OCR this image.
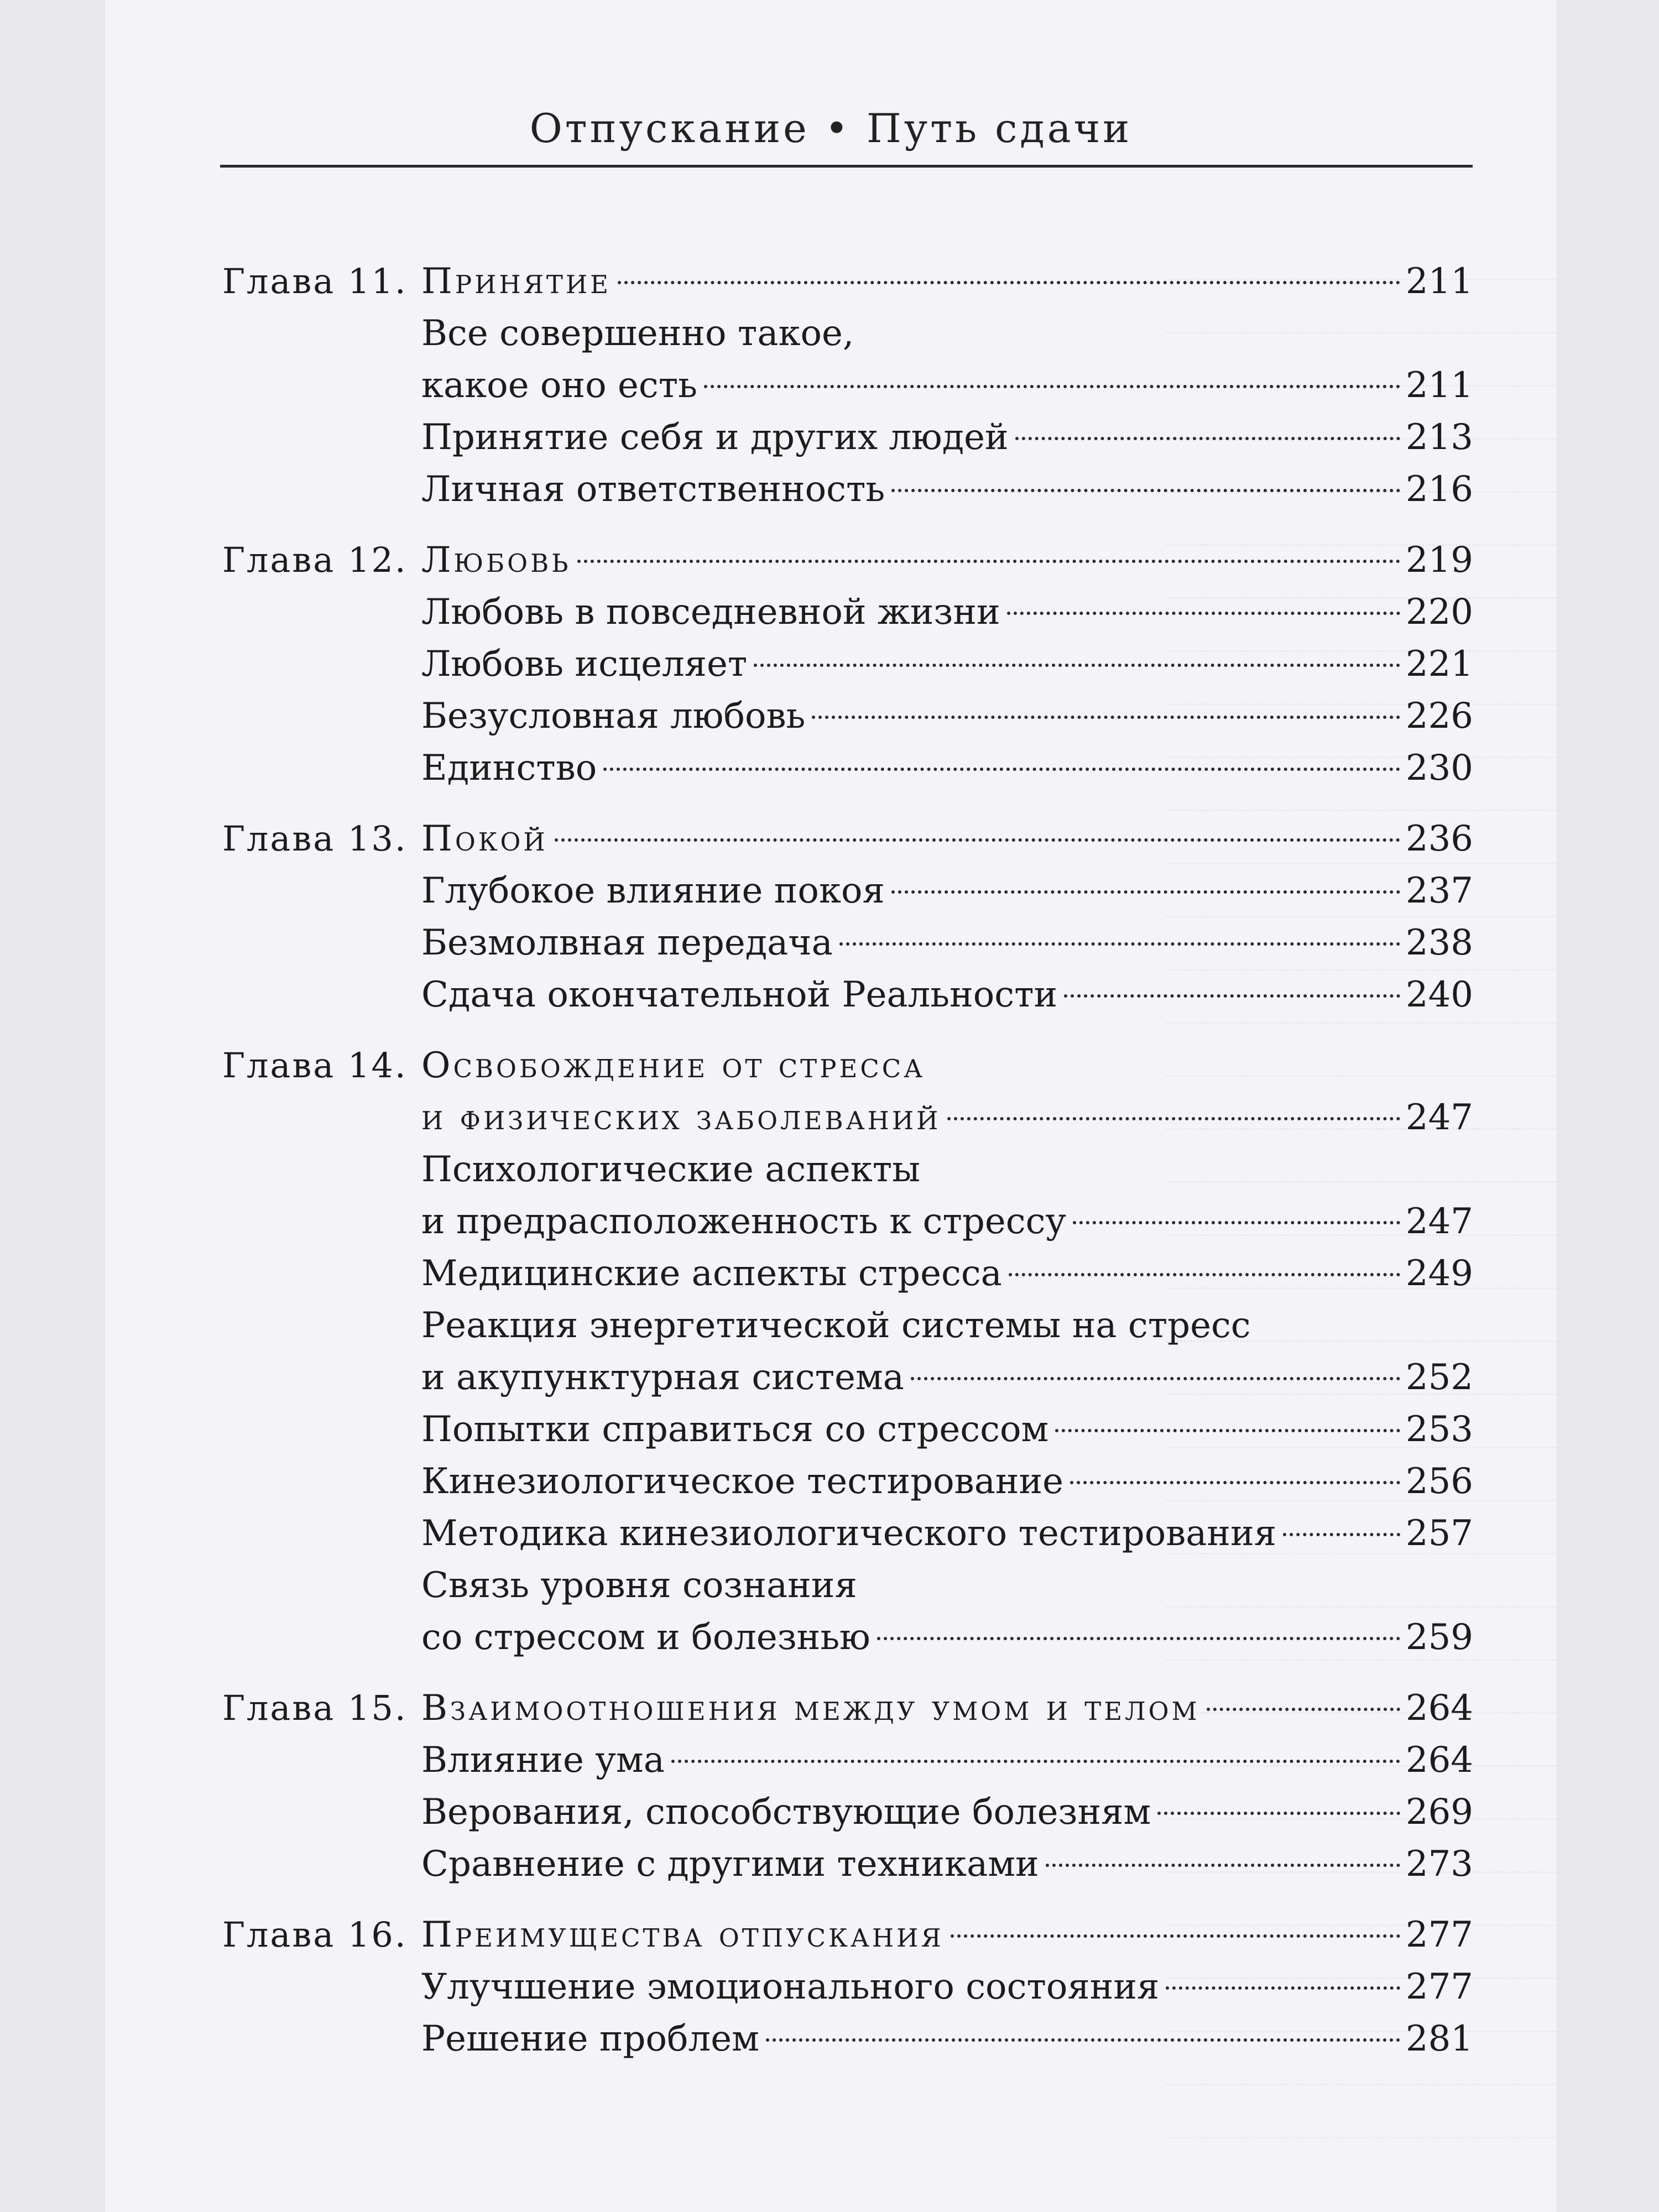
Отпускание • Путь сдачи
Глава 11. Принятие	211
Все совершенно такое,
какое оно есть	211
Принятие себя и других людей	213
Личная ответственность	216
Глава 12. Любовь	219
Любовь в повседневной жизни	220
Любовь исцеляет	221
Безусловная любовь	226
Единство	230
Глава 13. Покой	236
Глубокое влияние покоя	237
Безмолвная передача	238
Сдача окончательной Реальности	240
Глава 14. Освобождение от стресса
и физических заболеваний	247
Психологические аспекты
и предрасположенность к стрессу	247
Медицинские аспекты стресса	249
Реакция энергетической системы на стресс
и акупунктурная система	252
Попытки справиться со стрессом	253
Кинезиологическое тестирование	256
Методика кинезиологического тестирования	257
Связь уровня сознания
со стрессом и болезнью	259
Глава 15. Взаимоотношения между умом и телом	264
Влияние ума	264
Верования, способствующие болезням	269
Сравнение с другими техниками	273
Глава 16. Преимущества отпускания	277
Улучшение эмоционального состояния	277
Решение проблем	281
